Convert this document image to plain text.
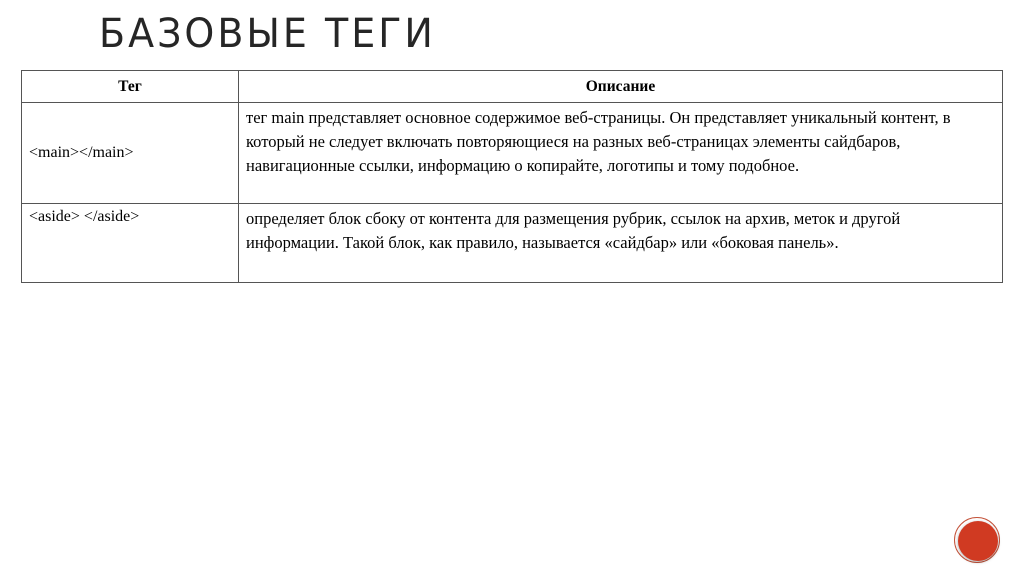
БАЗОВЫЕ ТЕГИ
Тег	Описание
<main></main>	тег main представляет основное содержимое веб-страницы. Он представляет уникальный контент, в который не следует включать повторяющиеся на разных веб-страницах элементы сайдбаров, навигационные ссылки, информацию о копирайте, логотипы и тому подобное.
<aside> </aside>	определяет блок сбоку от контента для размещения рубрик, ссылок на архив, меток и другой информации. Такой блок, как правило, называется «сайдбар» или «боковая панель».
